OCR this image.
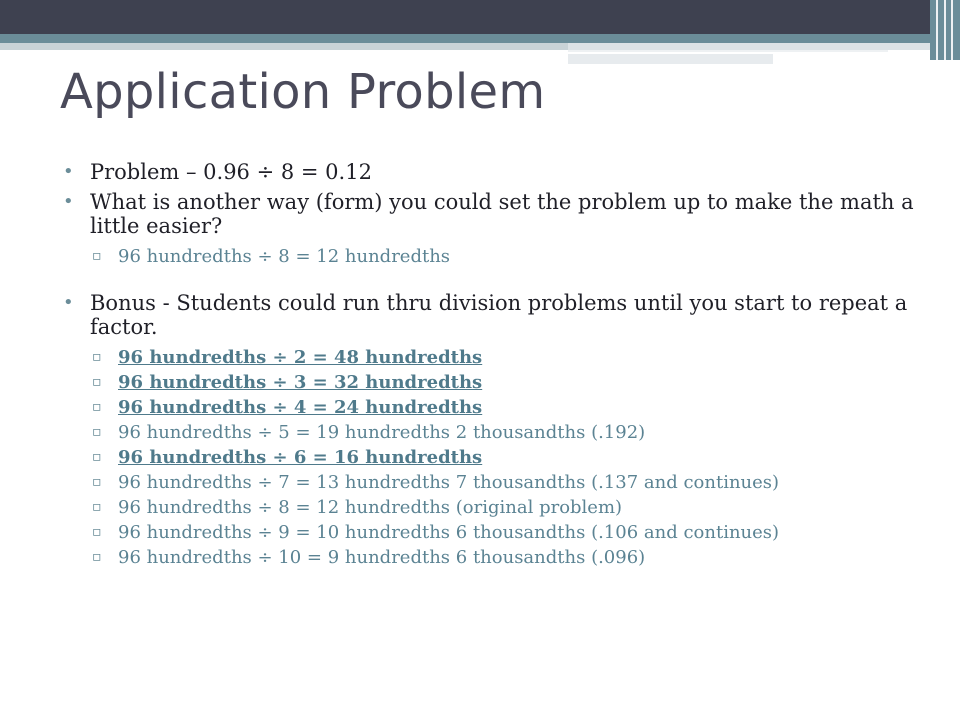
Application Problem

• Problem – 0.96 ÷ 8 = 0.12

• What is another way (form) you could set the problem up to make the math a little easier?

▫ 96 hundredths ÷ 8 = 12 hundredths

• Bonus - Students could run thru division problems until you start to repeat a factor.

▫ 96 hundredths ÷ 2 = 48 hundredths

▫ 96 hundredths ÷ 3 = 32 hundredths

▫ 96 hundredths ÷ 4 = 24 hundredths

▫ 96 hundredths ÷ 5 = 19 hundredths 2 thousandths (.192)

▫ 96 hundredths ÷ 6 = 16 hundredths

▫ 96 hundredths ÷ 7 = 13 hundredths 7 thousandths (.137 and continues)

▫ 96 hundredths ÷ 8 = 12 hundredths (original problem)

▫ 96 hundredths ÷ 9 = 10 hundredths 6 thousandths (.106 and continues)

▫ 96 hundredths ÷ 10 = 9 hundredths 6 thousandths (.096)
